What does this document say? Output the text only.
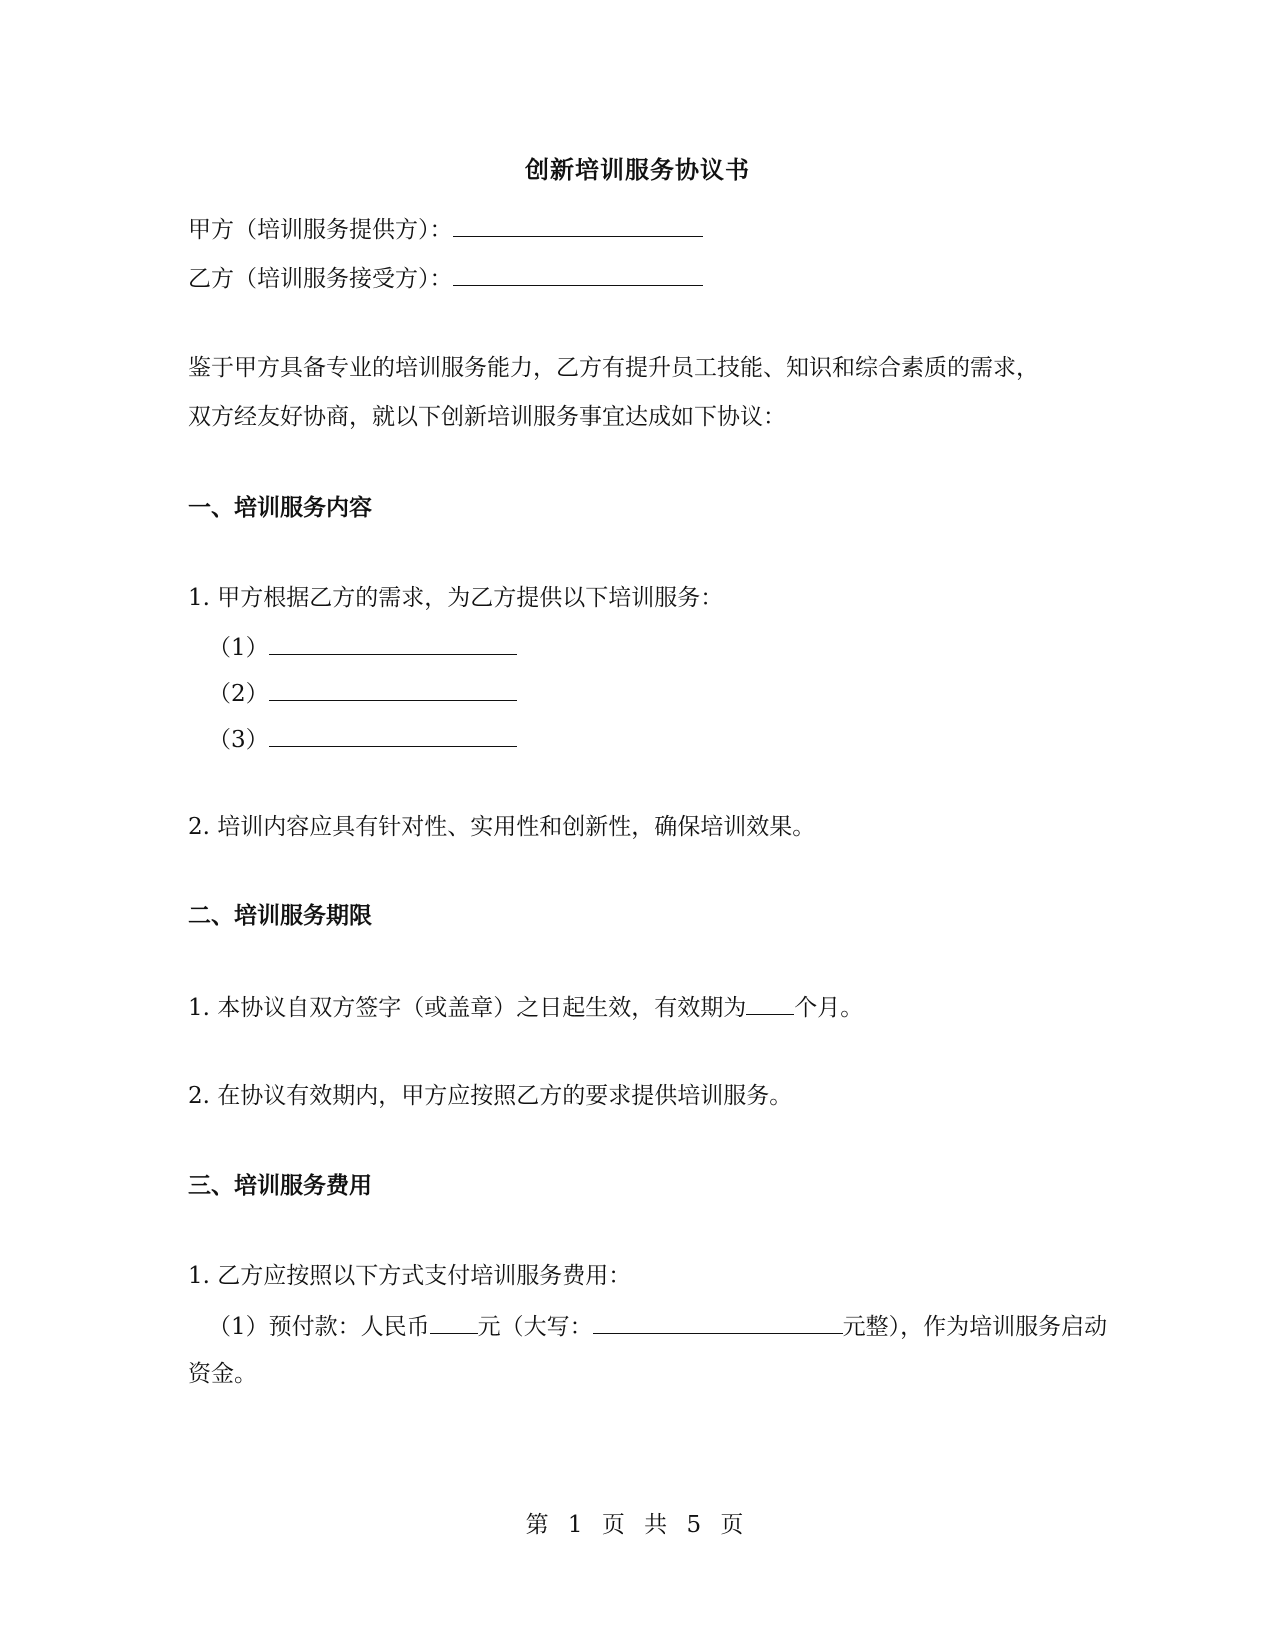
创新培训服务协议书
甲方（培训服务提供方）：
乙方（培训服务接受方）：
鉴于甲方具备专业的培训服务能力，乙方有提升员工技能、知识和综合素质的需求，
双方经友好协商，就以下创新培训服务事宜达成如下协议：
一、培训服务内容
1. 甲方根据乙方的需求，为乙方提供以下培训服务：
（1）
（2）
（3）
2. 培训内容应具有针对性、实用性和创新性，确保培训效果。
二、培训服务期限
1. 本协议自双方签字（或盖章）之日起生效，有效期为 个月。
2. 在协议有效期内，甲方应按照乙方的要求提供培训服务。
三、培训服务费用
1. 乙方应按照以下方式支付培训服务费用：
（1）预付款：人民币 元（大写：	元整），作为培训服务启动
资金。
第 1 页 共 5 页
